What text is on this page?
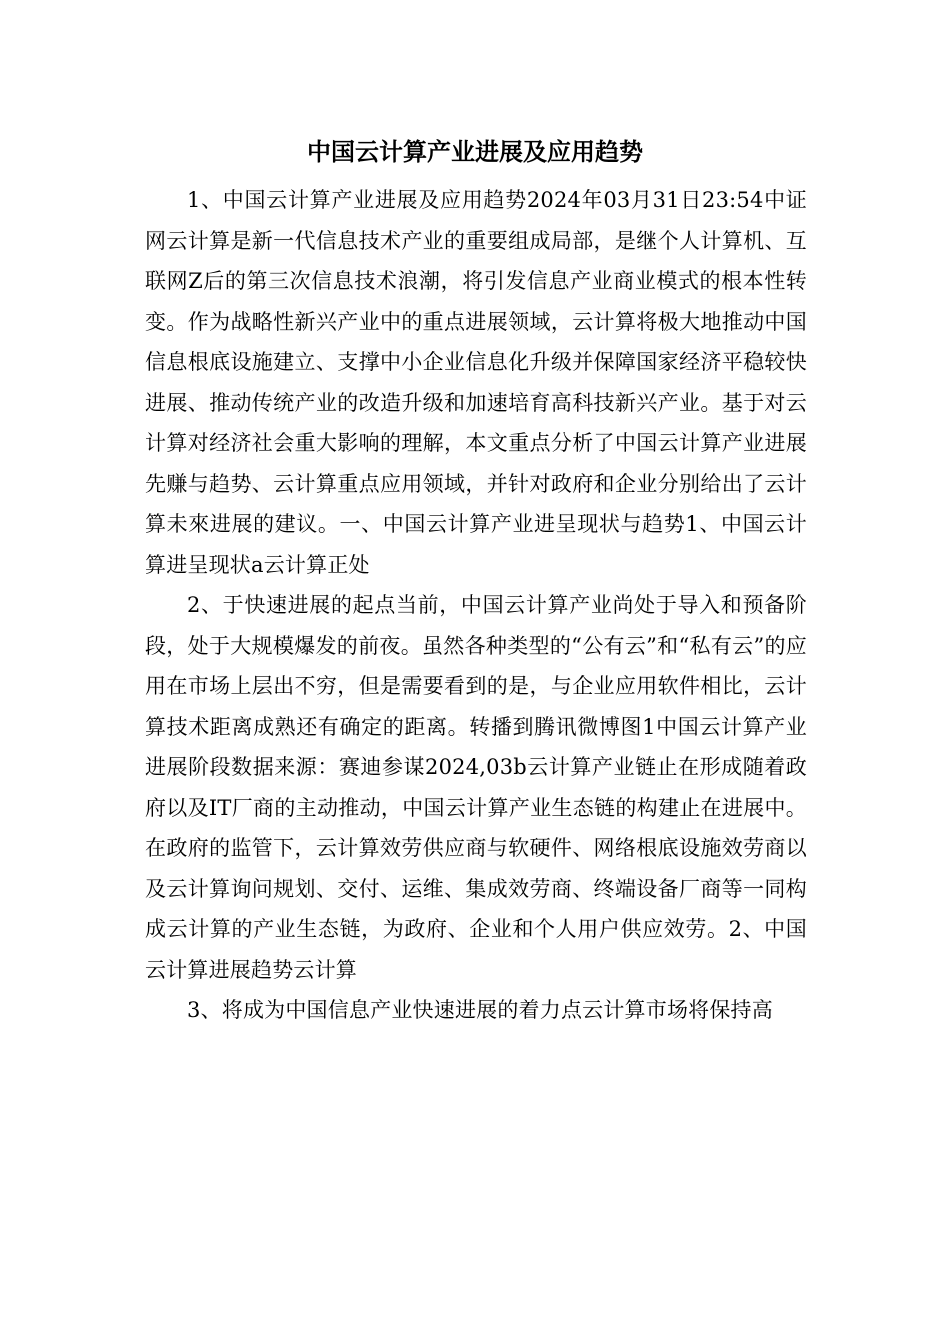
中国云计算产业进展及应用趋势

1、中国云计算产业进展及应用趋势2024年03月31日23:54中证网云计算是新一代信息技术产业的重要组成局部，是继个人计算机、互联网Z后的第三次信息技术浪潮，将引发信息产业商业模式的根本性转变。作为战略性新兴产业中的重点进展领域，云计算将极大地推动中国信息根底设施建立、支撑中小企业信息化升级并保障国家经济平稳较快进展、推动传统产业的改造升级和加速培育高科技新兴产业。基于对云计算对经济社会重大影响的理解，本文重点分析了中国云计算产业进展先赚与趋势、云计算重点应用领域，并针对政府和企业分别给出了云计算未來进展的建议。一、中国云计算产业进呈现状与趋势1、中国云计算进呈现状a云计算正处

2、于快速进展的起点当前，中国云计算产业尚处于导入和预备阶段，处于大规模爆发的前夜。虽然各种类型的“公有云”和“私有云”的应用在市场上层出不穷，但是需要看到的是，与企业应用软件相比，云计算技术距离成熟还有确定的距离。转播到腾讯微博图1中国云计算产业进展阶段数据来源：赛迪参谋2024,03b云计算产业链止在形成随着政府以及IT厂商的主动推动，中国云计算产业生态链的构建止在进展中。在政府的监管下，云计算效劳供应商与软硬件、网络根底设施效劳商以及云计算询问规划、交付、运维、集成效劳商、终端设备厂商等一同构成云计算的产业生态链，为政府、企业和个人用户供应效劳。2、中国云计算进展趋势云计算

3、将成为中国信息产业快速进展的着力点云计算市场将保持高
